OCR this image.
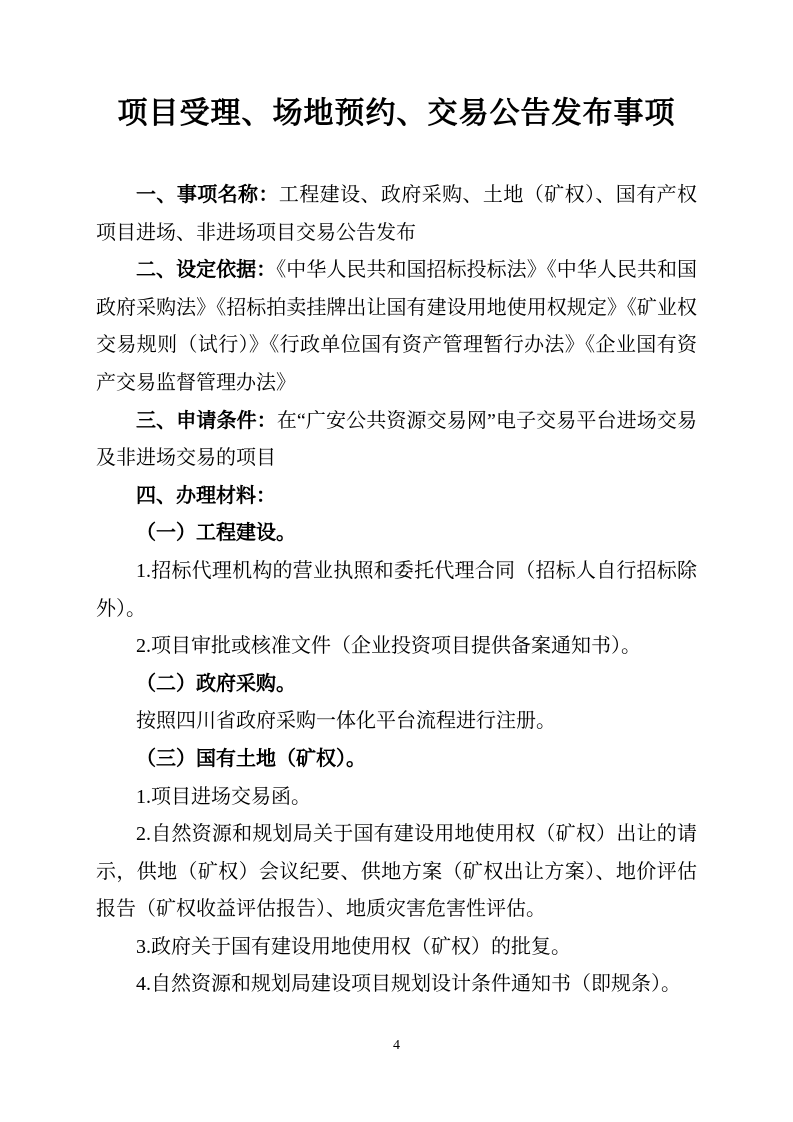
项目受理、场地预约、交易公告发布事项

一、事项名称：工程建设、政府采购、土地（矿权）、国有产权项目进场、非进场项目交易公告发布

二、设定依据：《中华人民共和国招标投标法》《中华人民共和国政府采购法》《招标拍卖挂牌出让国有建设用地使用权规定》《矿业权交易规则（试行）》《行政单位国有资产管理暂行办法》《企业国有资产交易监督管理办法》

三、申请条件：在“广安公共资源交易网”电子交易平台进场交易及非进场交易的项目

四、办理材料：

（一）工程建设。

1.招标代理机构的营业执照和委托代理合同（招标人自行招标除外）。

2.项目审批或核准文件（企业投资项目提供备案通知书）。

（二）政府采购。

按照四川省政府采购一体化平台流程进行注册。

（三）国有土地（矿权）。

1.项目进场交易函。

2.自然资源和规划局关于国有建设用地使用权（矿权）出让的请示，供地（矿权）会议纪要、供地方案（矿权出让方案）、地价评估报告（矿权收益评估报告）、地质灾害危害性评估。

3.政府关于国有建设用地使用权（矿权）的批复。

4.自然资源和规划局建设项目规划设计条件通知书（即规条）。

4
